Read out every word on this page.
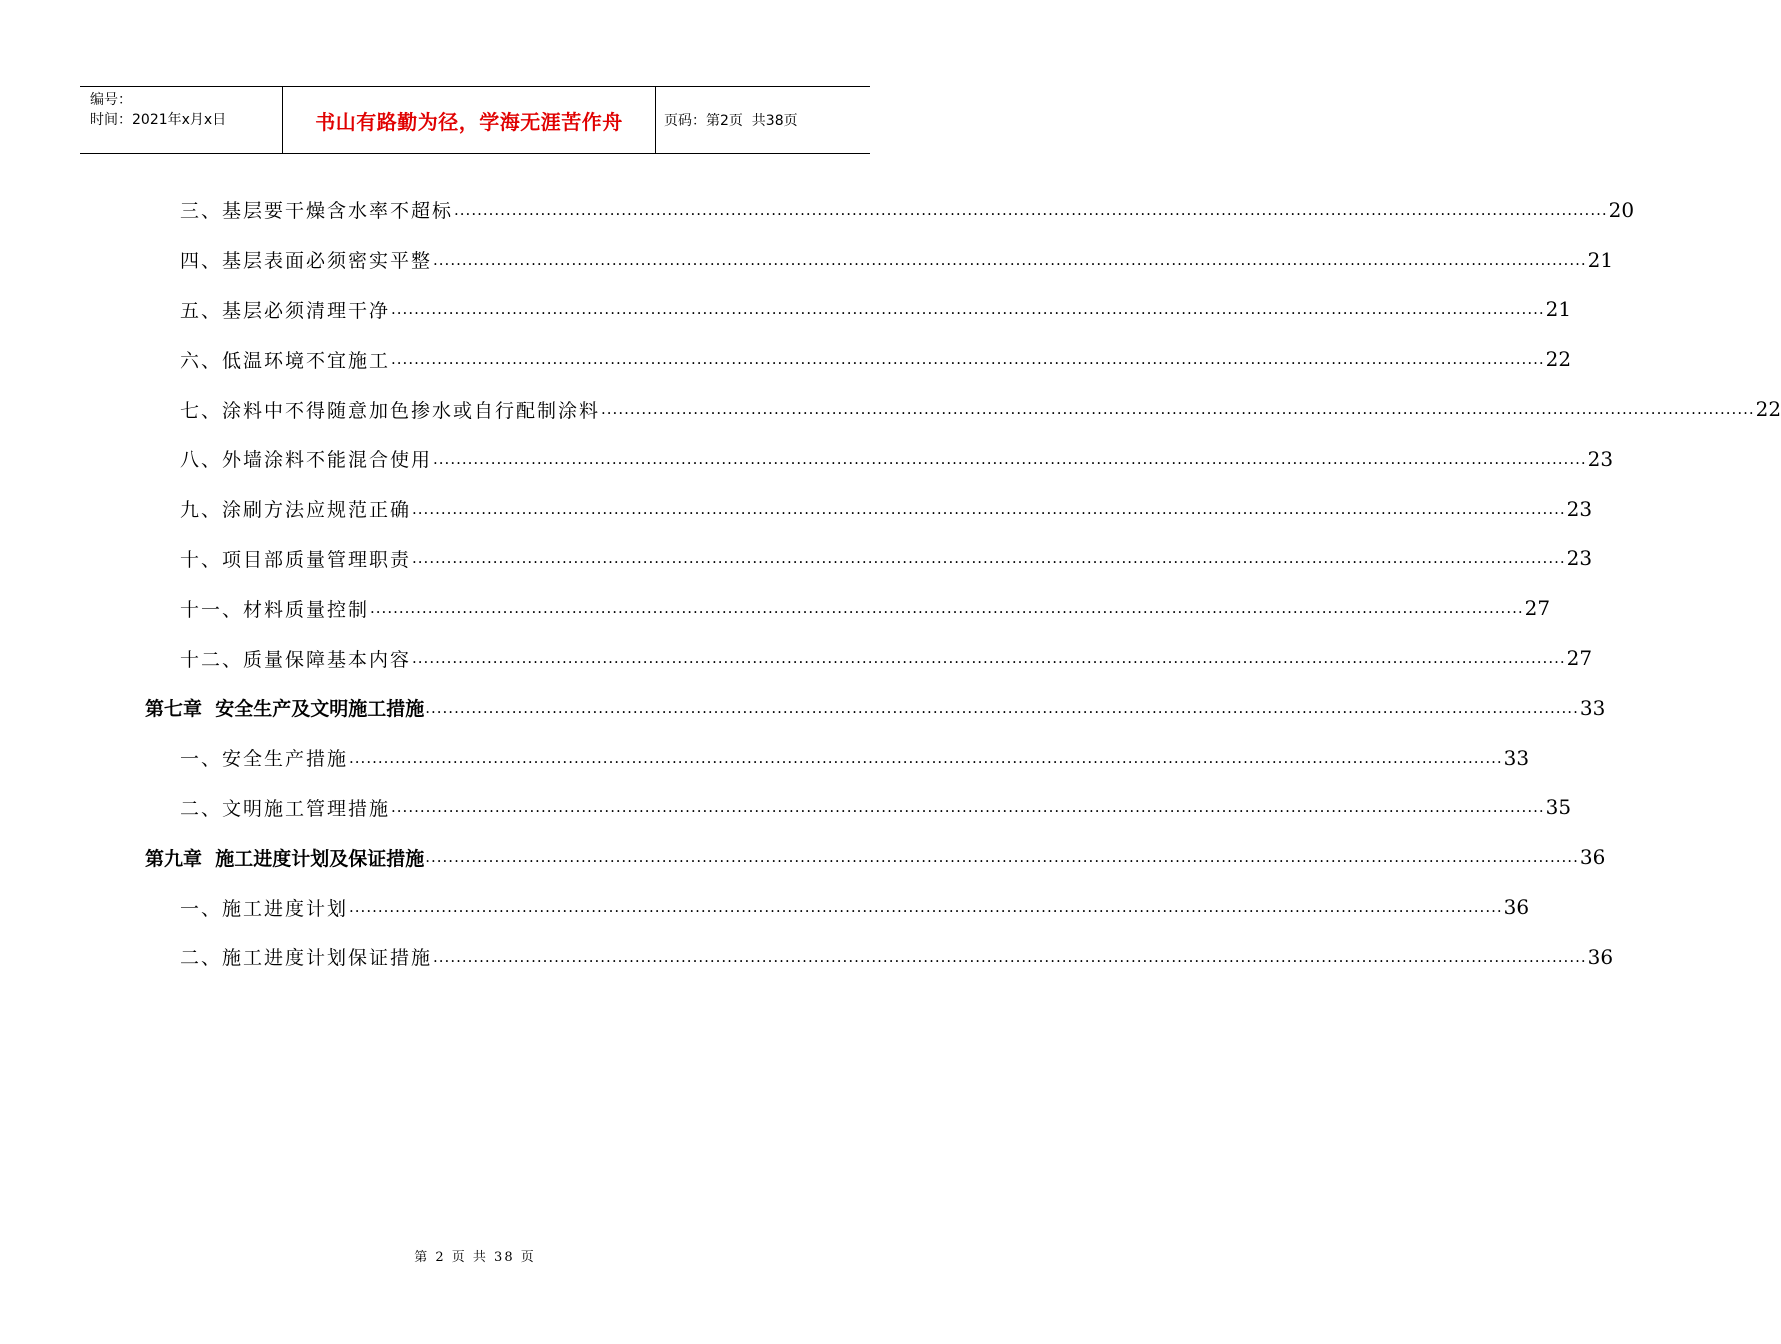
编号：
时间：2021年x月x日	书山有路勤为径，学海无涯苦作舟	页码：第2页  共38页
三、基层要干燥含水率不超标 ........................................................................................................................................................................................................ 20
四、基层表面必须密实平整 ........................................................................................................................................................................................................ 21
五、基层必须清理干净 ........................................................................................................................................................................................................ 21
六、低温环境不宜施工 ........................................................................................................................................................................................................ 22
七、涂料中不得随意加色掺水或自行配制涂料 ........................................................................................................................................................................................................ 22
八、外墙涂料不能混合使用 ........................................................................................................................................................................................................ 23
九、涂刷方法应规范正确 ........................................................................................................................................................................................................ 23
十、项目部质量管理职责 ........................................................................................................................................................................................................ 23
十一、材料质量控制 ........................................................................................................................................................................................................ 27
十二、质量保障基本内容 ........................................................................................................................................................................................................ 27
第七章  安全生产及文明施工措施 ........................................................................................................................................................................................................ 33
一、安全生产措施 ........................................................................................................................................................................................................ 33
二、文明施工管理措施 ........................................................................................................................................................................................................ 35
第九章  施工进度计划及保证措施 ........................................................................................................................................................................................................ 36
一、施工进度计划 ........................................................................................................................................................................................................ 36
二、施工进度计划保证措施 ........................................................................................................................................................................................................ 36
第 2 页 共 38 页
